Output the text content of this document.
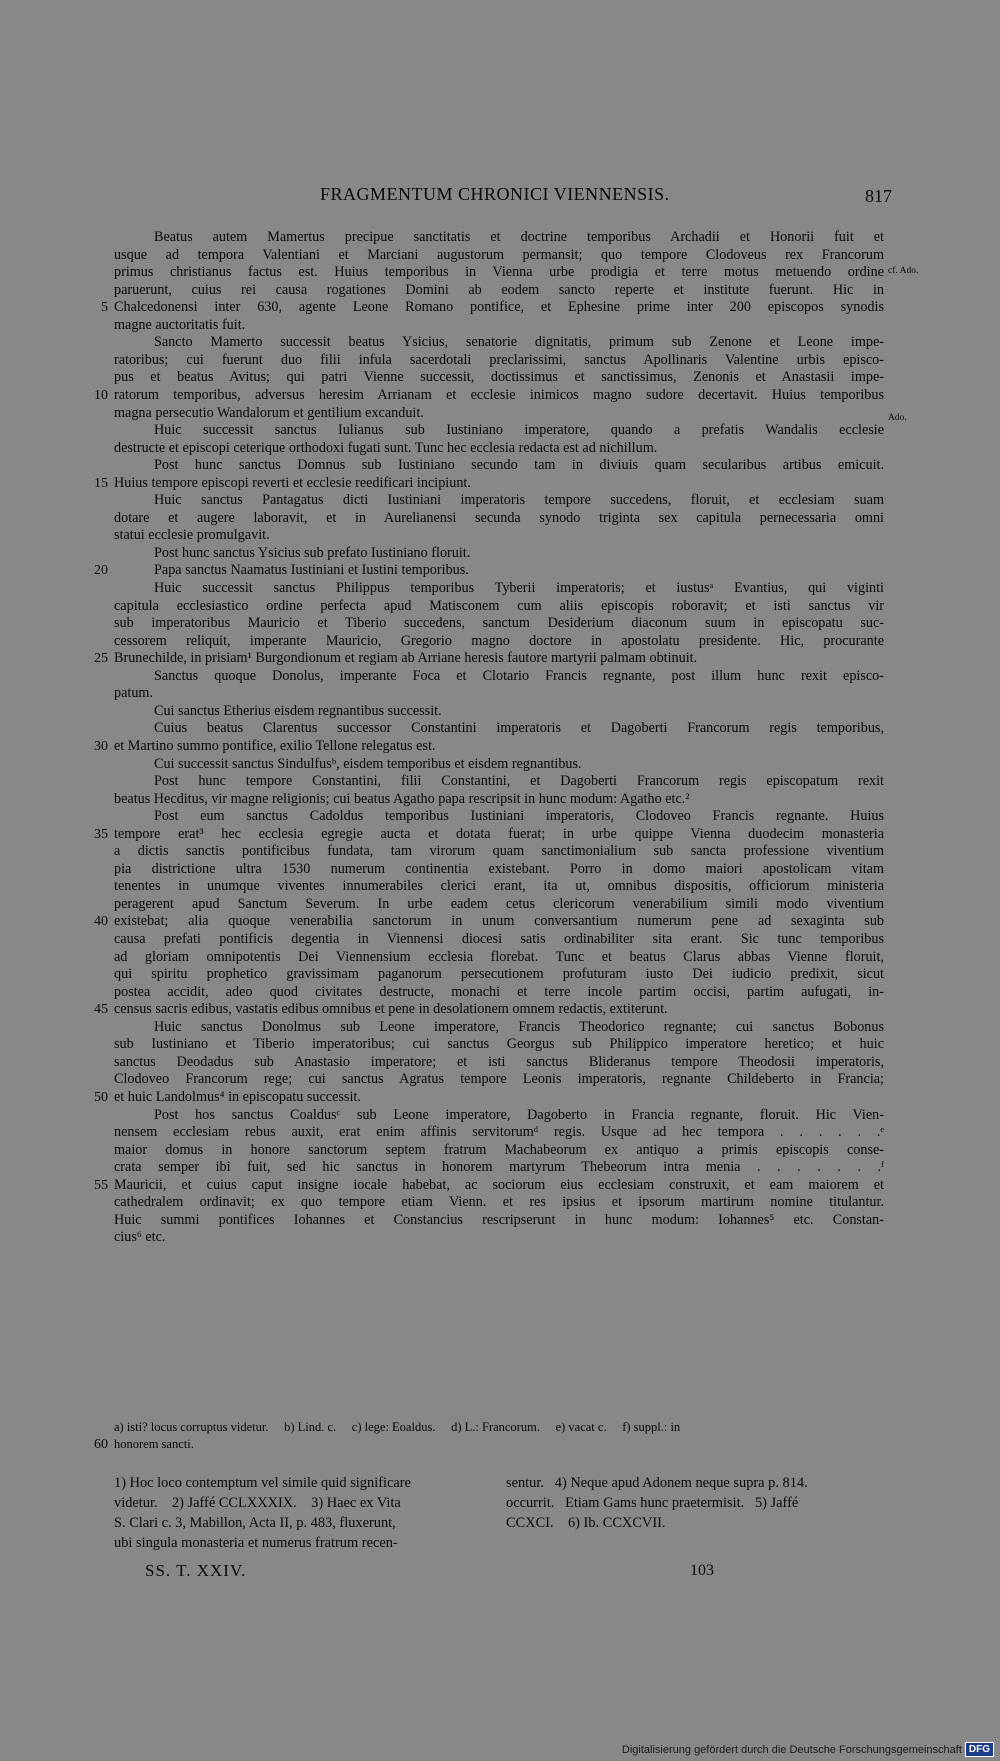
FRAGMENTUM CHRONICI VIENNENSIS.	817
Beatus autem Mamertus precipue sanctitatis et doctrine temporibus Archadii et Honorii fuit et
usque ad tempora Valentiani et Marciani augustorum permansit; quo tempore Clodoveus rex Francorum
primus christianus factus est. Huius temporibus in Vienna urbe prodigia et terre motus metuendo ordine
paruerunt, cuius rei causa rogationes Domini ab eodem sancto reperte et institute fuerunt. Hic in
5 Chalcedonensi inter 630, agente Leone Romano pontifice, et Ephesine prime inter 200 episcopos synodis
magne auctoritatis fuit.
Sancto Mamerto successit beatus Ysicius, senatorie dignitatis, primum sub Zenone et Leone impe-
ratoribus; cui fuerunt duo filii infula sacerdotali preclarissimi, sanctus Apollinaris Valentine urbis episco-
pus et beatus Avitus; qui patri Vienne successit, doctissimus et sanctissimus, Zenonis et Anastasii impe-
10 ratorum temporibus, adversus heresim Arrianam et ecclesie inimicos magno sudore decertavit. Huius temporibus
magna persecutio Wandalorum et gentilium excanduit.
Huic successit sanctus Iulianus sub Iustiniano imperatore, quando a prefatis Wandalis ecclesie
destructe et episcopi ceterique orthodoxi fugati sunt. Tunc hec ecclesia redacta est ad nichillum.
Post hunc sanctus Domnus sub Iustiniano secundo tam in diviuis quam secularibus artibus emicuit.
15 Huius tempore episcopi reverti et ecclesie reedificari incipiunt.
Huic sanctus Pantagatus dicti Iustiniani imperatoris tempore succedens, floruit, et ecclesiam suam
dotare et augere laboravit, et in Aurelianensi secunda synodo triginta sex capitula pernecessaria omni
statui ecclesie promulgavit.
Post hunc sanctus Ysicius sub prefato Iustiniano floruit.
20	Papa sanctus Naamatus Iustiniani et Iustini temporibus.
Huic successit sanctus Philippus temporibus Tyberii imperatoris; et iustusᵃ Evantius, qui viginti
capitula ecclesiastico ordine perfecta apud Matisconem cum aliis episcopis roboravit; et isti sanctus vir
sub imperatoribus Mauricio et Tiberio succedens, sanctum Desiderium diaconum suum in episcopatu suc-
cessorem reliquit, imperante Mauricio, Gregorio magno doctore in apostolatu presidente. Hic, procurante
25 Brunechilde, in prisiam¹ Burgondionum et regiam ab Arriane heresis fautore martyrii palmam obtinuit.
Sanctus quoque Donolus, imperante Foca et Clotario Francis regnante, post illum hunc rexit episco-
patum.
Cui sanctus Etherius eisdem regnantibus successit.
Cuius beatus Clarentus successor Constantini imperatoris et Dagoberti Francorum regis temporibus,
30 et Martino summo pontifice, exilio Tellone relegatus est.
Cui successit sanctus Sindulfusᵇ, eisdem temporibus et eisdem regnantibus.
Post hunc tempore Constantini, filii Constantini, et Dagoberti Francorum regis episcopatum rexit
beatus Hecditus, vir magne religionis; cui beatus Agatho papa rescripsit in hunc modum: Agatho etc.²
Post eum sanctus Cadoldus temporibus Iustiniani imperatoris, Clodoveo Francis regnante. Huius
35 tempore erat³ hec ecclesia egregie aucta et dotata fuerat; in urbe quippe Vienna duodecim monasteria
a dictis sanctis pontificibus fundata, tam virorum quam sanctimonialium sub sancta professione viventium
pia districtione ultra 1530 numerum continentia existebant. Porro in domo maiori apostolicam vitam
tenentes in unumque viventes innumerabiles clerici erant, ita ut, omnibus dispositis, officiorum ministeria
peragerent apud Sanctum Severum. In urbe eadem cetus clericorum venerabilium simili modo viventium
40 existebat; alia quoque venerabilia sanctorum in unum conversantium numerum pene ad sexaginta sub
causa prefati pontificis degentia in Viennensi diocesi satis ordinabiliter sita erant. Sic tunc temporibus
ad gloriam omnipotentis Dei Viennensium ecclesia florebat. Tunc et beatus Clarus abbas Vienne floruit,
qui spiritu prophetico gravissimam paganorum persecutionem profuturam iusto Dei iudicio predixit, sicut
postea accidit, adeo quod civitates destructe, monachi et terre incole partim occisi, partim aufugati, in-
45 census sacris edibus, vastatis edibus omnibus et pene in desolationem omnem redactis, extiterunt.
Huic sanctus Donolmus sub Leone imperatore, Francis Theodorico regnante; cui sanctus Bobonus
sub Iustiniano et Tiberio imperatoribus; cui sanctus Georgus sub Philippico imperatore heretico; et huic
sanctus Deodadus sub Anastasio imperatore; et isti sanctus Blideranus tempore Theodosii imperatoris,
Clodoveo Francorum rege; cui sanctus Agratus tempore Leonis imperatoris, regnante Childeberto in Francia;
50 et huic Landolmus⁴ in episcopatu successit.
Post hos sanctus Coaldusᶜ sub Leone imperatore, Dagoberto in Francia regnante, floruit. Hic Vien-
nensem ecclesiam rebus auxit, erat enim affinis servitorumᵈ regis. Usque ad hec tempora . . . . . .ᵉ
maior domus in honore sanctorum septem fratrum Machabeorum ex antiquo a primis episcopis conse-
crata semper ibi fuit, sed hic sanctus in honorem martyrum Thebeorum intra menia . . . . . . .ᶠ
55 Mauricii, et cuius caput insigne iocale habebat, ac sociorum eius ecclesiam construxit, et eam maiorem et
cathedralem ordinavit; ex quo tempore etiam Vienn. et res ipsius et ipsorum martirum nomine titulantur.
Huic summi pontifices Iohannes et Constancius rescripserunt in hunc modum: Iohannes⁵ etc. Constan-
cius⁶ etc.
cf. Ado.
Ado.
a) isti? locus corruptus videtur.     b) Lind. c.     c) lege: Eoaldus.     d) L.: Francorum.     e) vacat c.     f) suppl.: in
60 honorem sancti.
1) Hoc loco contemptum vel simile quid significare
videtur.    2) Jaffé CCLXXXIX.    3) Haec ex Vita
S. Clari c. 3, Mabillon, Acta II, p. 483, fluxerunt,
ubi singula monasteria et numerus fratrum recen-
sentur.   4) Neque apud Adonem neque supra p. 814.
occurrit.   Etiam Gams hunc praetermisit.   5) Jaffé
CCXCI.    6) Ib. CCXCVII.
SS. T. XXIV.	103
Digitalisierung gefördert durch die Deutsche Forschungsgemeinschaft DFG
